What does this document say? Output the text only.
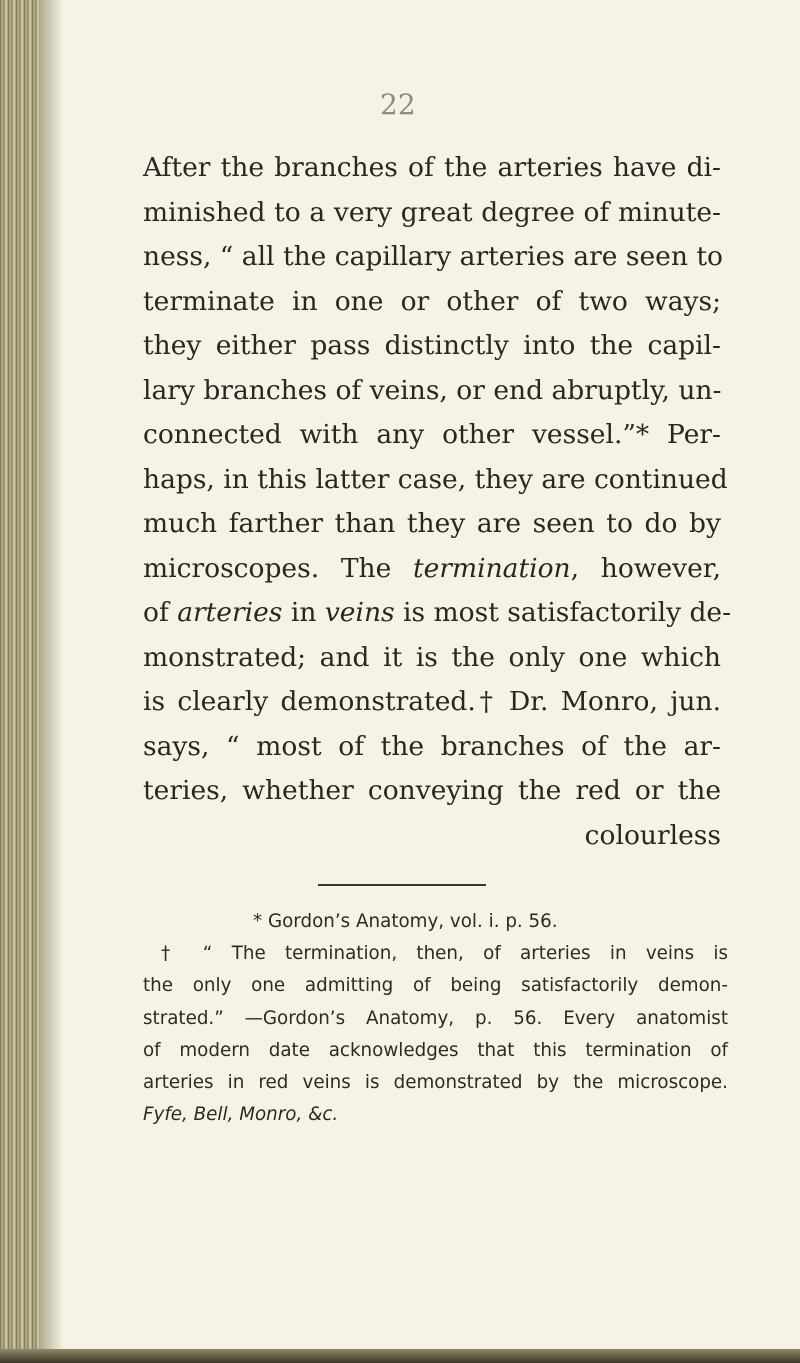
22
After the branches of the arteries have di-
minished to a very great degree of minute-
ness, “ all the capillary arteries are seen to
terminate in one or other of two ways;
they either pass distinctly into the capil-
lary branches of veins, or end abruptly, un-
connected with any other vessel.”* Per-
haps, in this latter case, they are continued
much farther than they are seen to do by
microscopes. The termination, however,
of arteries in veins is most satisfactorily de-
monstrated; and it is the only one which
is clearly demonstrated.† Dr. Monro, jun.
says, “ most of the branches of the ar-
teries, whether conveying the red or the
colourless
* Gordon’s Anatomy, vol. i. p. 56.
† “ The termination, then, of arteries in veins is
the only one admitting of being satisfactorily demon-
strated.” —Gordon’s Anatomy, p. 56. Every anatomist
of modern date acknowledges that this termination of
arteries in red veins is demonstrated by the microscope.
Fyfe, Bell, Monro, &c.
